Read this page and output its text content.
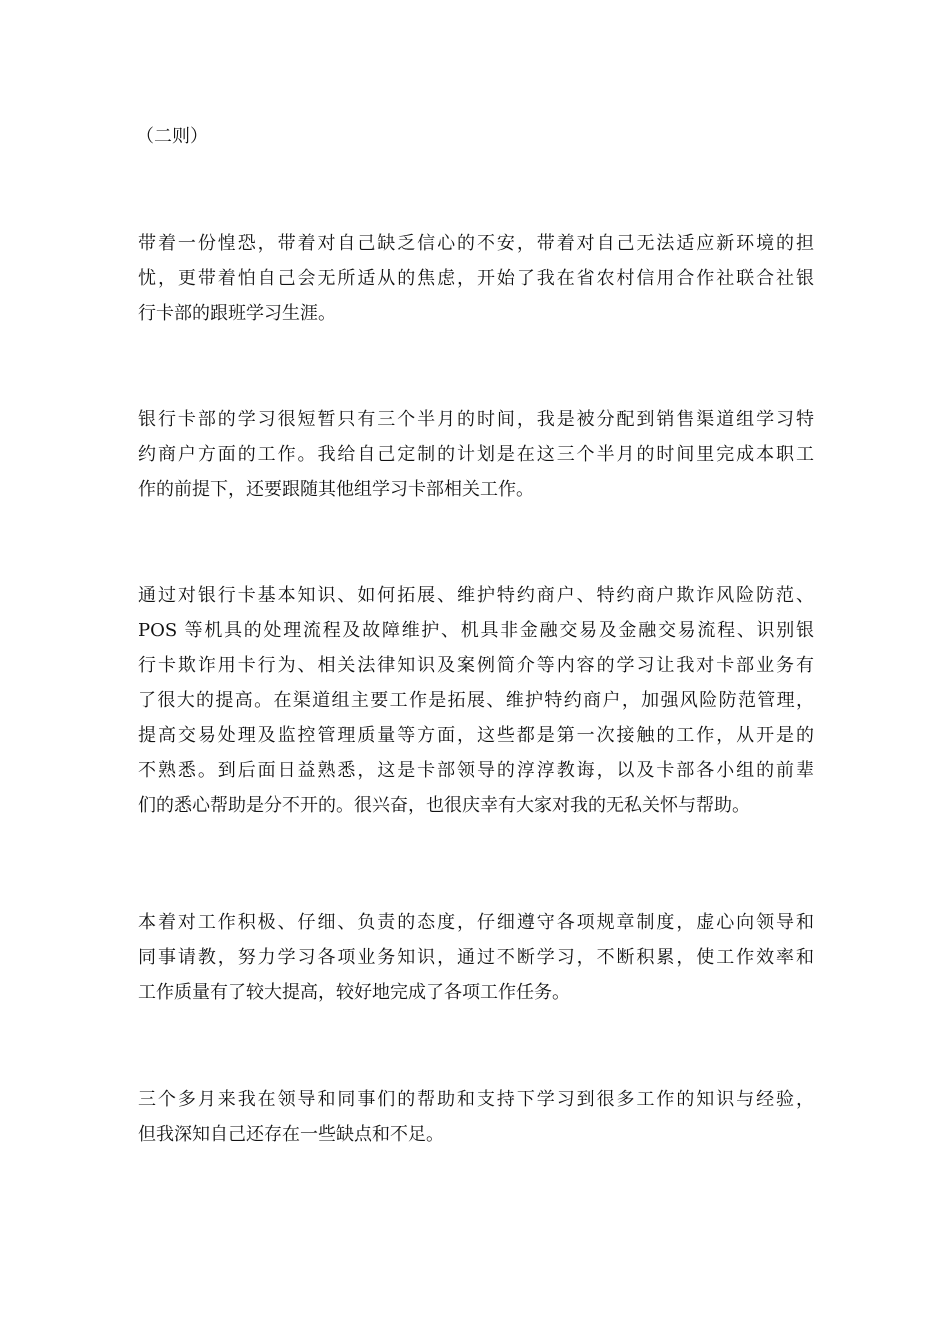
（二则）
带着一份惶恐，带着对自己缺乏信心的不安，带着对自己无法适应新环境的担
忧，更带着怕自己会无所适从的焦虑，开始了我在省农村信用合作社联合社银
行卡部的跟班学习生涯。
银行卡部的学习很短暂只有三个半月的时间，我是被分配到销售渠道组学习特
约商户方面的工作。我给自己定制的计划是在这三个半月的时间里完成本职工
作的前提下，还要跟随其他组学习卡部相关工作。
通过对银行卡基本知识、如何拓展、维护特约商户、特约商户欺诈风险防范、
POS 等机具的处理流程及故障维护、机具非金融交易及金融交易流程、识别银
行卡欺诈用卡行为、相关法律知识及案例简介等内容的学习让我对卡部业务有
了很大的提高。在渠道组主要工作是拓展、维护特约商户，加强风险防范管理，
提高交易处理及监控管理质量等方面，这些都是第一次接触的工作，从开是的
不熟悉。到后面日益熟悉，这是卡部领导的淳淳教诲，以及卡部各小组的前辈
们的悉心帮助是分不开的。很兴奋，也很庆幸有大家对我的无私关怀与帮助。
本着对工作积极、仔细、负责的态度，仔细遵守各项规章制度，虚心向领导和
同事请教，努力学习各项业务知识，通过不断学习，不断积累，使工作效率和
工作质量有了较大提高，较好地完成了各项工作任务。
三个多月来我在领导和同事们的帮助和支持下学习到很多工作的知识与经验，
但我深知自己还存在一些缺点和不足。
